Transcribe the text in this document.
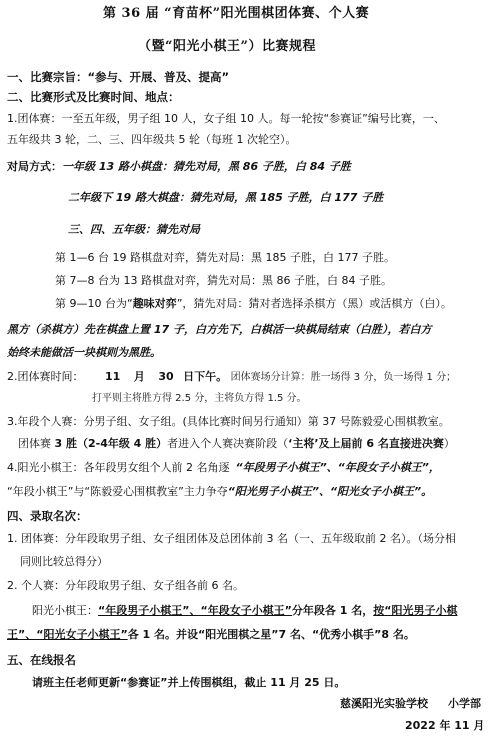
第 36 届 “育苗杯”阳光围棋团体赛、个人赛
（暨“阳光小棋王”）比赛规程
一、比赛宗旨：“参与、开展、普及、提高”
二、比赛形式及比赛时间、地点：
1.团体赛：一至五年级，男子组 10 人，女子组 10 人。每一轮按“参赛证”编号比赛，一、
五年级共 3 轮，二、三、四年级共 5 轮（每班 1 次轮空）。
对局方式：一年级 13 路小棋盘：猜先对局，黑 86 子胜，白 84 子胜
二年级下 19 路大棋盘：猜先对局，黑 185 子胜，白 177 子胜
三、四、五年级：猜先对局
第 1—6 台 19 路棋盘对弈，猜先对局：黑 185 子胜，白 177 子胜。
第 7—8 台为 13 路棋盘对弈，猜先对局：黑 86 子胜，白 84 子胜。
第 9—10 台为“趣味对弈”，猜先对局：猜对者选择杀棋方（黑）或活棋方（白）。
黑方（杀棋方）先在棋盘上置 17 子，白方先下，白棋活一块棋局结束（白胜），若白方
始终未能做活一块棋则为黑胜。
2.团体赛时间： 11 月 30 日下午。 团体赛场分计算：胜一场得 3 分，负一场得 1 分；
打平则主将胜方得 2.5 分，主将负方得 1.5 分。
3.年段个人赛：分男子组、女子组。(具体比赛时间另行通知）第 37 号陈毅爱心围棋教室。
团体赛 3 胜（2-4年级 4 胜）者进入个人赛决赛阶段（‘主将’及上届前 6 名直接进决赛）
4.阳光小棋王：各年段男女组个人前 2 名角逐 “年段男子小棋王”、“年段女子小棋王”，
“年段小棋王”与“陈毅爱心围棋教室”主力争夺“阳光男子小棋王”、“阳光女子小棋王”。
四、录取名次：
1. 团体赛：分年段取男子组、女子组团体及总团体前 3 名（一、五年级取前 2 名）。（场分相
同则比较总得分）
2. 个人赛：分年段取男子组、女子组各前 6 名。
阳光小棋王：“年段男子小棋王”、“年段女子小棋王”分年段各 1 名，按“阳光男子小棋
王”、“阳光女子小棋王”各 1 名。并设“阳光围棋之星”7 名、“优秀小棋手”8 名。
五、在线报名
请班主任老师更新“参赛证”并上传围棋组，截止 11 月 25 日。
慈溪阳光实验学校 小学部
2022 年 11 月
